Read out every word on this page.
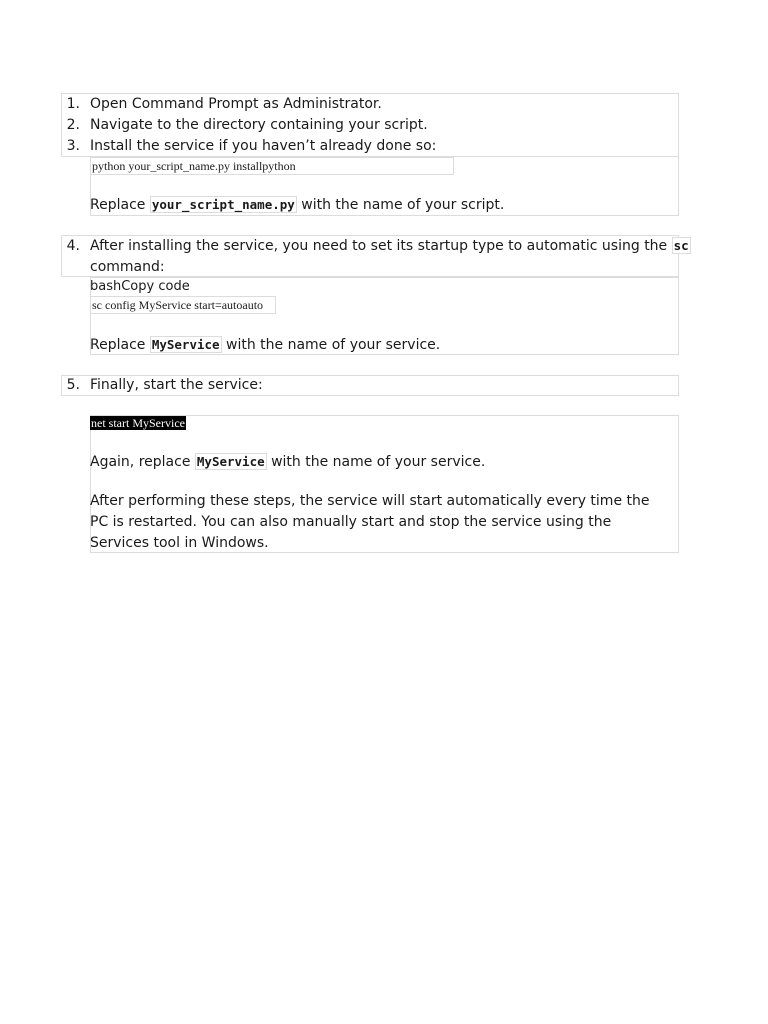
1. Open Command Prompt as Administrator.
2. Navigate to the directory containing your script.
3. Install the service if you haven’t already done so:
python your_script_name.py installpython
Replace your_script_name.py with the name of your script.
4. After installing the service, you need to set its startup type to automatic using the sc
command:
bashCopy code
sc config MyService start=autoauto
Replace MyService with the name of your service.
5. Finally, start the service:
net start MyService
Again, replace MyService with the name of your service.
After performing these steps, the service will start automatically every time the PC is restarted. You can also manually start and stop the service using the Services tool in Windows.
